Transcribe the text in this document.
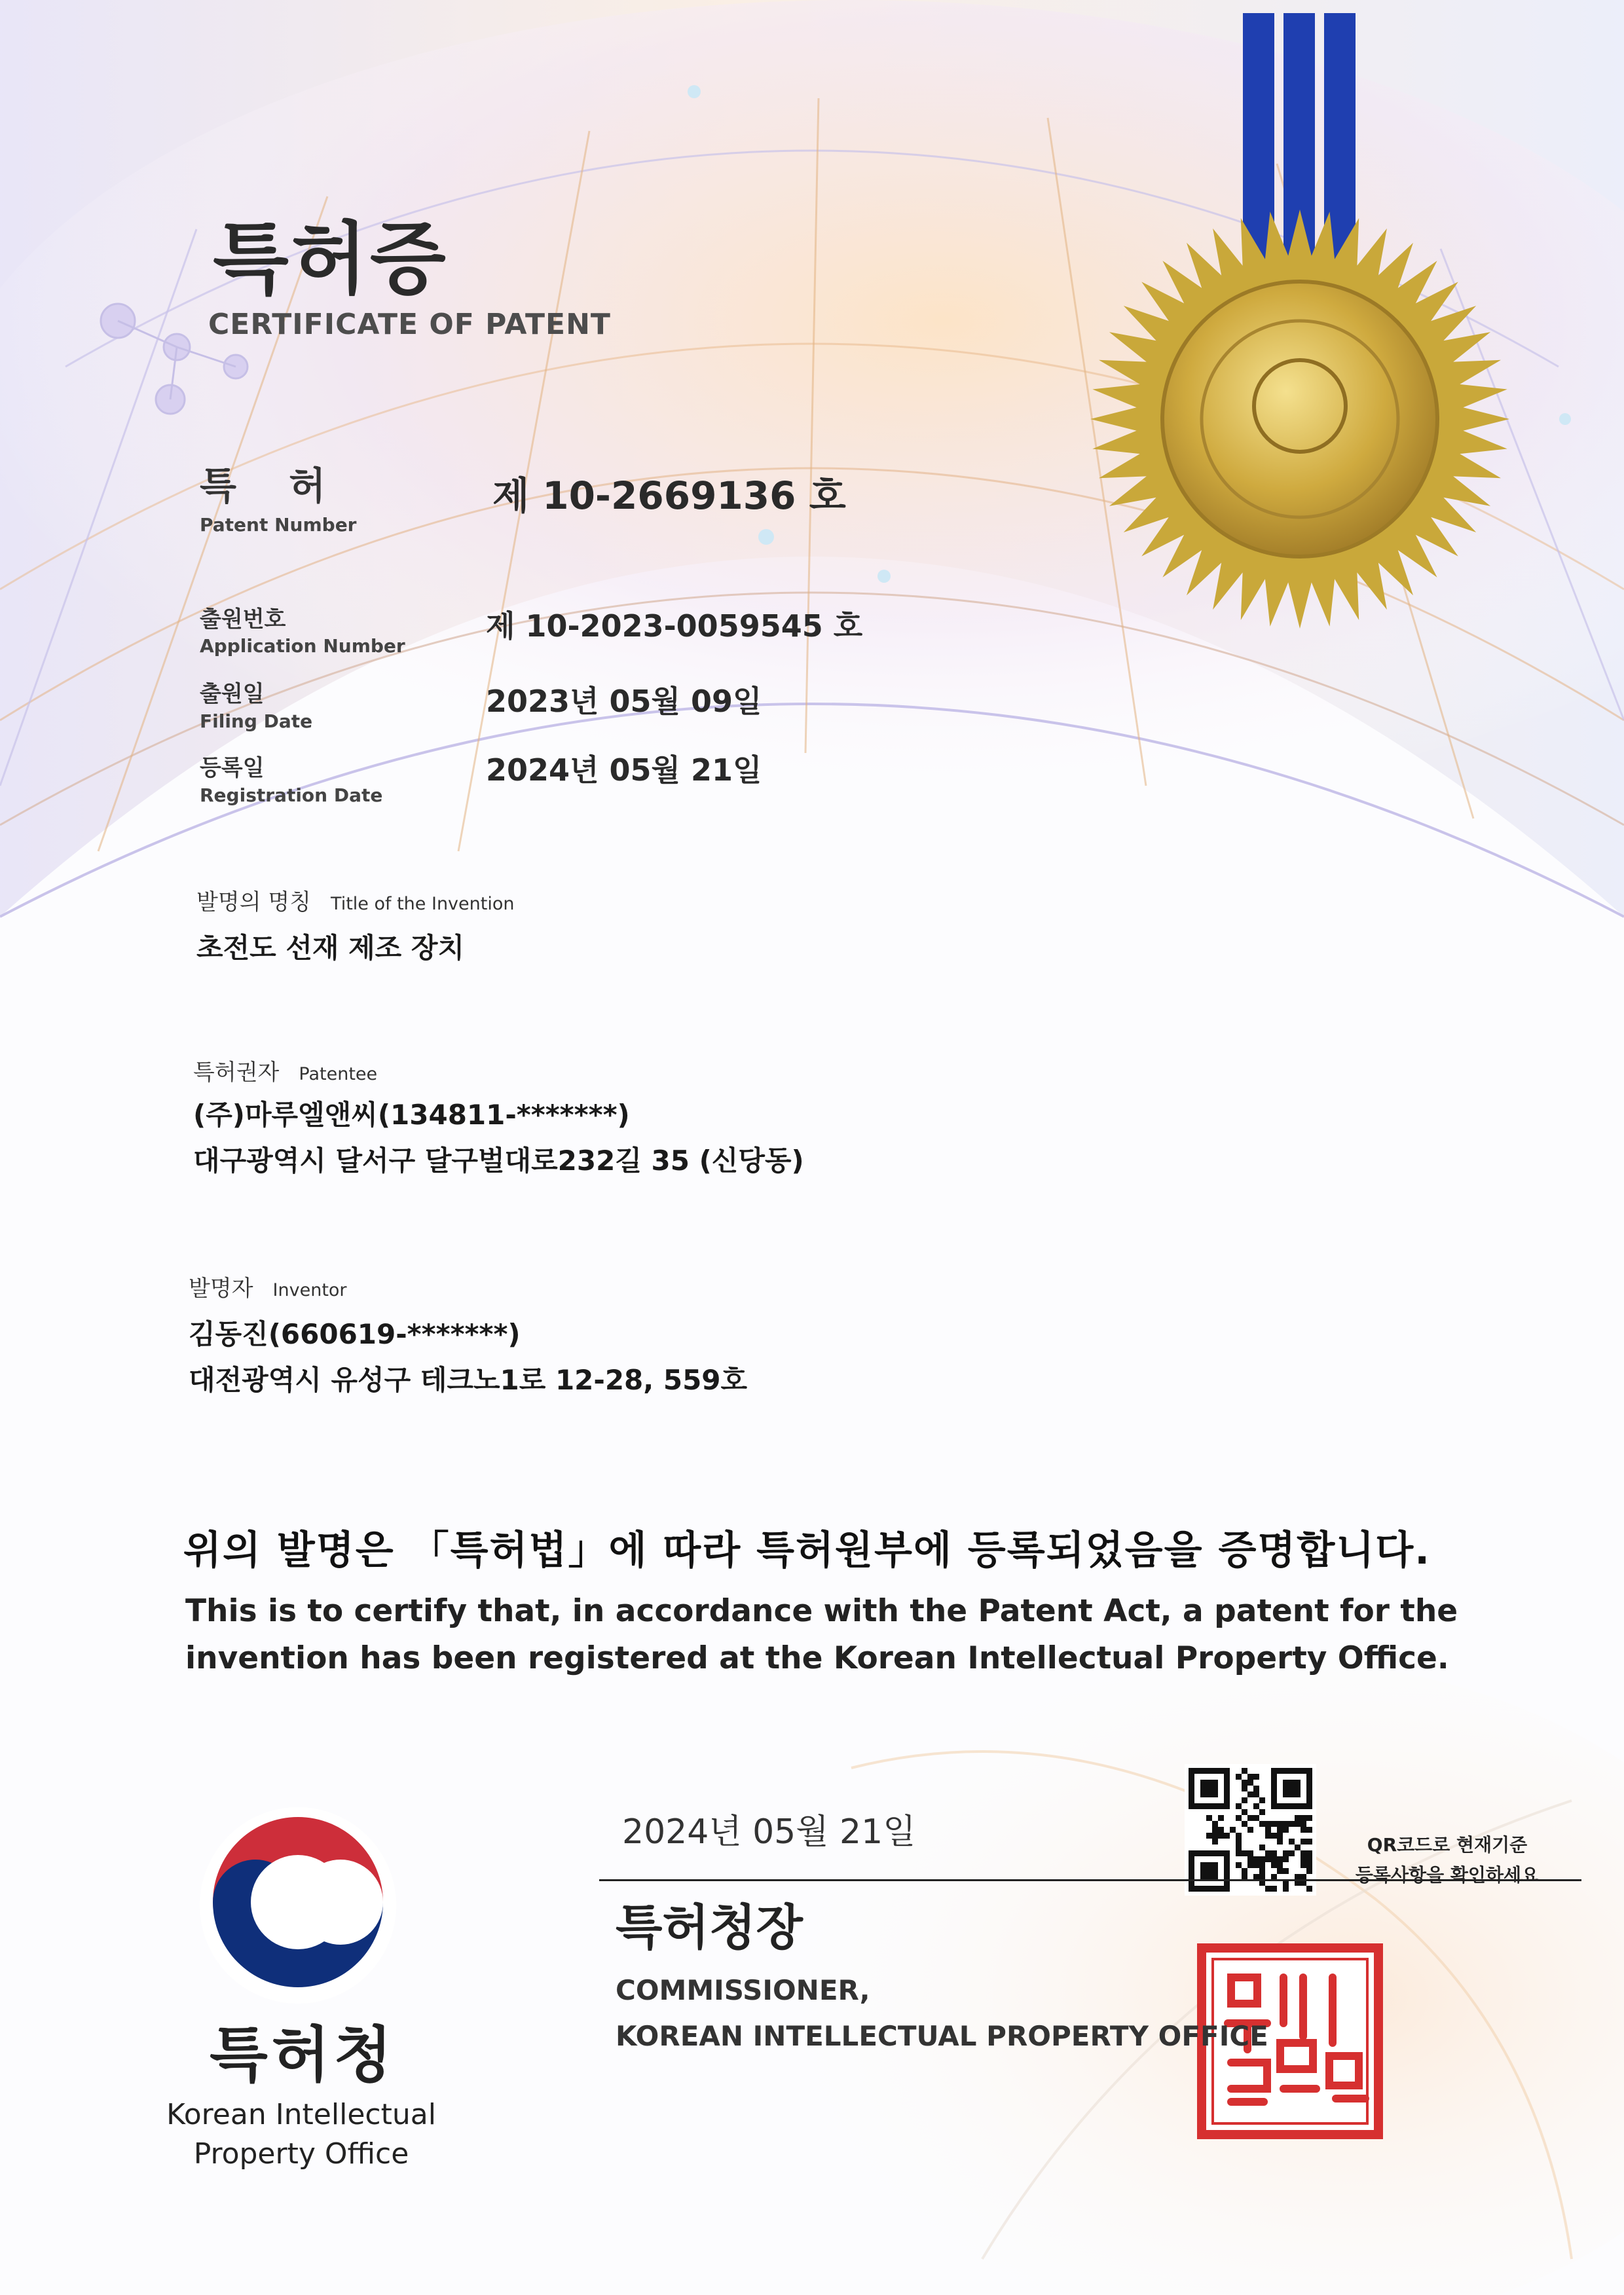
특허증
CERTIFICATE OF PATENT
특 허
Patent Number
제 10-2669136 호
출원번호
Application Number
제 10-2023-0059545 호
출원일
Filing Date
2023년 05월 09일
등록일
Registration Date
2024년 05월 21일
발명의 명칭 Title of the Invention
초전도 선재 제조 장치
특허권자 Patentee
(주)마루엘앤씨(134811-*******)
대구광역시 달서구 달구벌대로232길 35 (신당동)
발명자 Inventor
김동진(660619-*******)
대전광역시 유성구 테크노1로 12-28, 559호
위의 발명은 「특허법」에 따라 특허원부에 등록되었음을 증명합니다.
This is to certify that, in accordance with the Patent Act, a patent for the invention has been registered at the Korean Intellectual Property Office.
2024년 05월 21일
특허청장
COMMISSIONER,
KOREAN INTELLECTUAL PROPERTY OFFICE
QR코드로 현재기준
등록사항을 확인하세요
특허청
Korean Intellectual
Property Office
